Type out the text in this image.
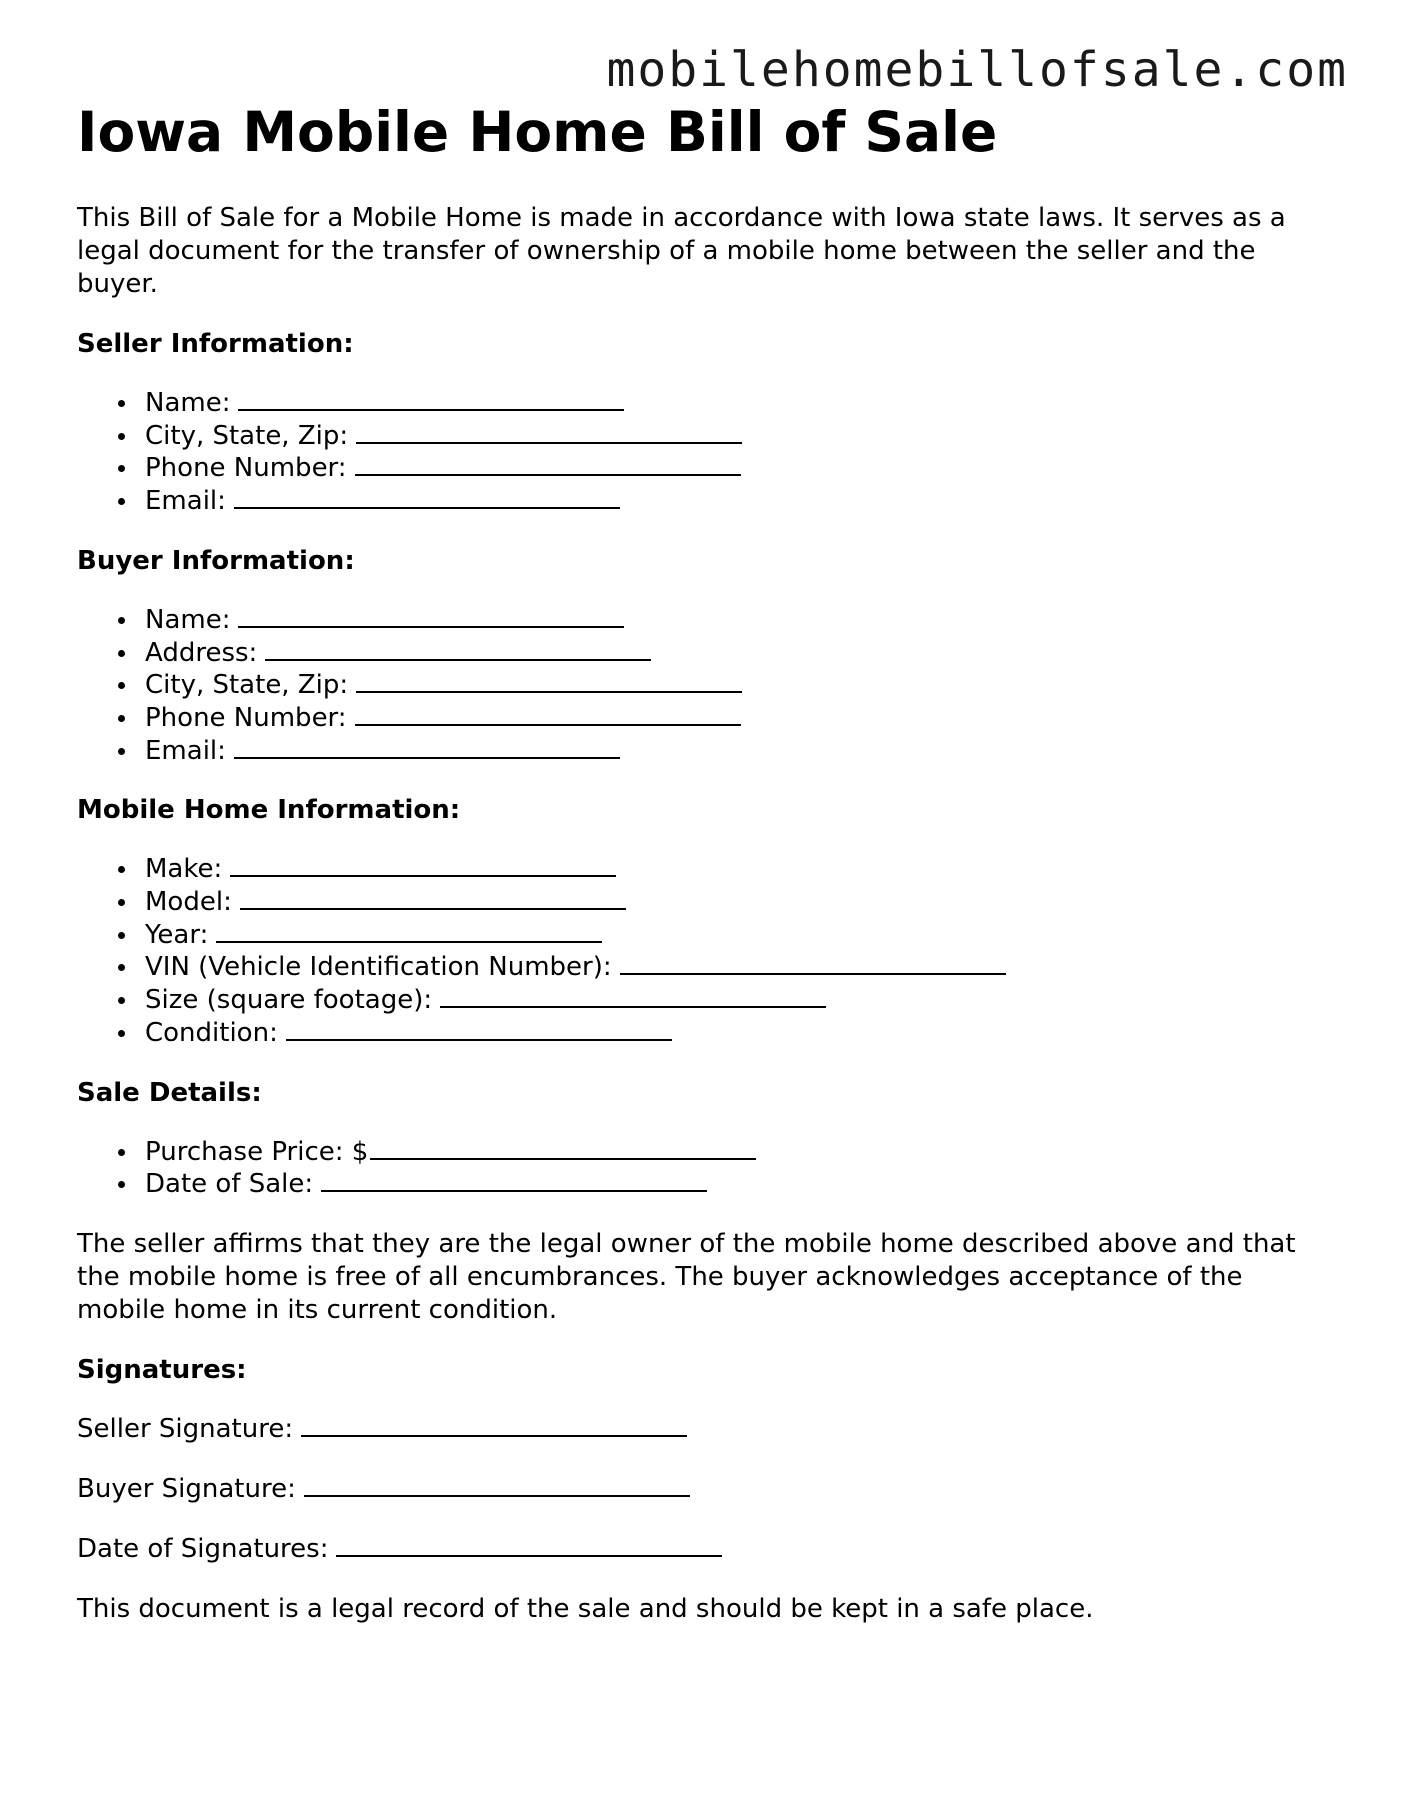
mobilehomebillofsale.com
Iowa Mobile Home Bill of Sale

This Bill of Sale for a Mobile Home is made in accordance with Iowa state laws. It serves as a legal document for the transfer of ownership of a mobile home between the seller and the buyer.

Seller Information:
Name:
City, State, Zip:
Phone Number:
Email:
Buyer Information:
Name:
Address:
City, State, Zip:
Phone Number:
Email:
Mobile Home Information:
Make:
Model:
Year:
VIN (Vehicle Identification Number):
Size (square footage):
Condition:
Sale Details:
Purchase Price: $
Date of Sale:

The seller affirms that they are the legal owner of the mobile home described above and that the mobile home is free of all encumbrances. The buyer acknowledges acceptance of the mobile home in its current condition.

Signatures:

Seller Signature:

Buyer Signature:

Date of Signatures:

This document is a legal record of the sale and should be kept in a safe place.
